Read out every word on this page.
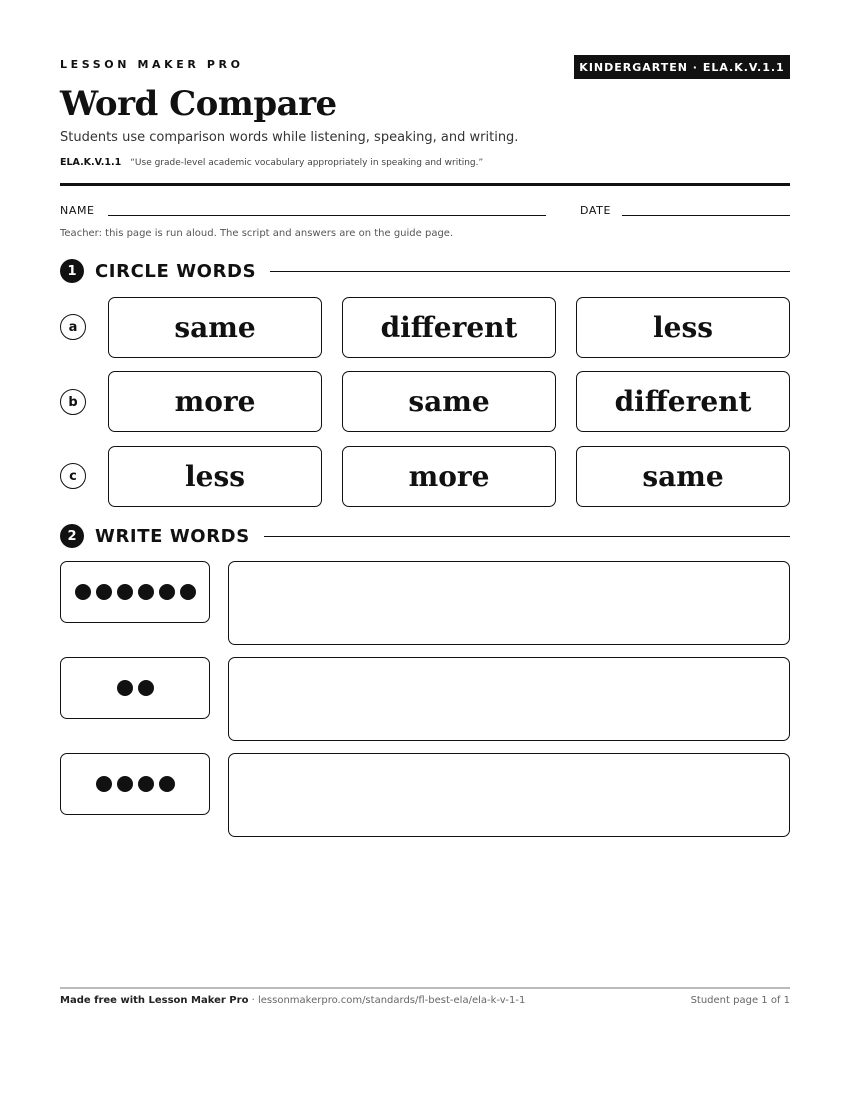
LESSON MAKER PRO	KINDERGARTEN · ELA.K.V.1.1
Word Compare
Students use comparison words while listening, speaking, and writing.
ELA.K.V.1.1 “Use grade-level academic vocabulary appropriately in speaking and writing.”
NAME	DATE
Teacher: this page is run aloud. The script and answers are on the guide page.
1	CIRCLE WORDS
a	same	different	less
b	more	same	different
c	less	more	same
2	WRITE WORDS
Made free with Lesson Maker Pro · lessonmakerpro.com/standards/fl-best-ela/ela-k-v-1-1	Student page 1 of 1
